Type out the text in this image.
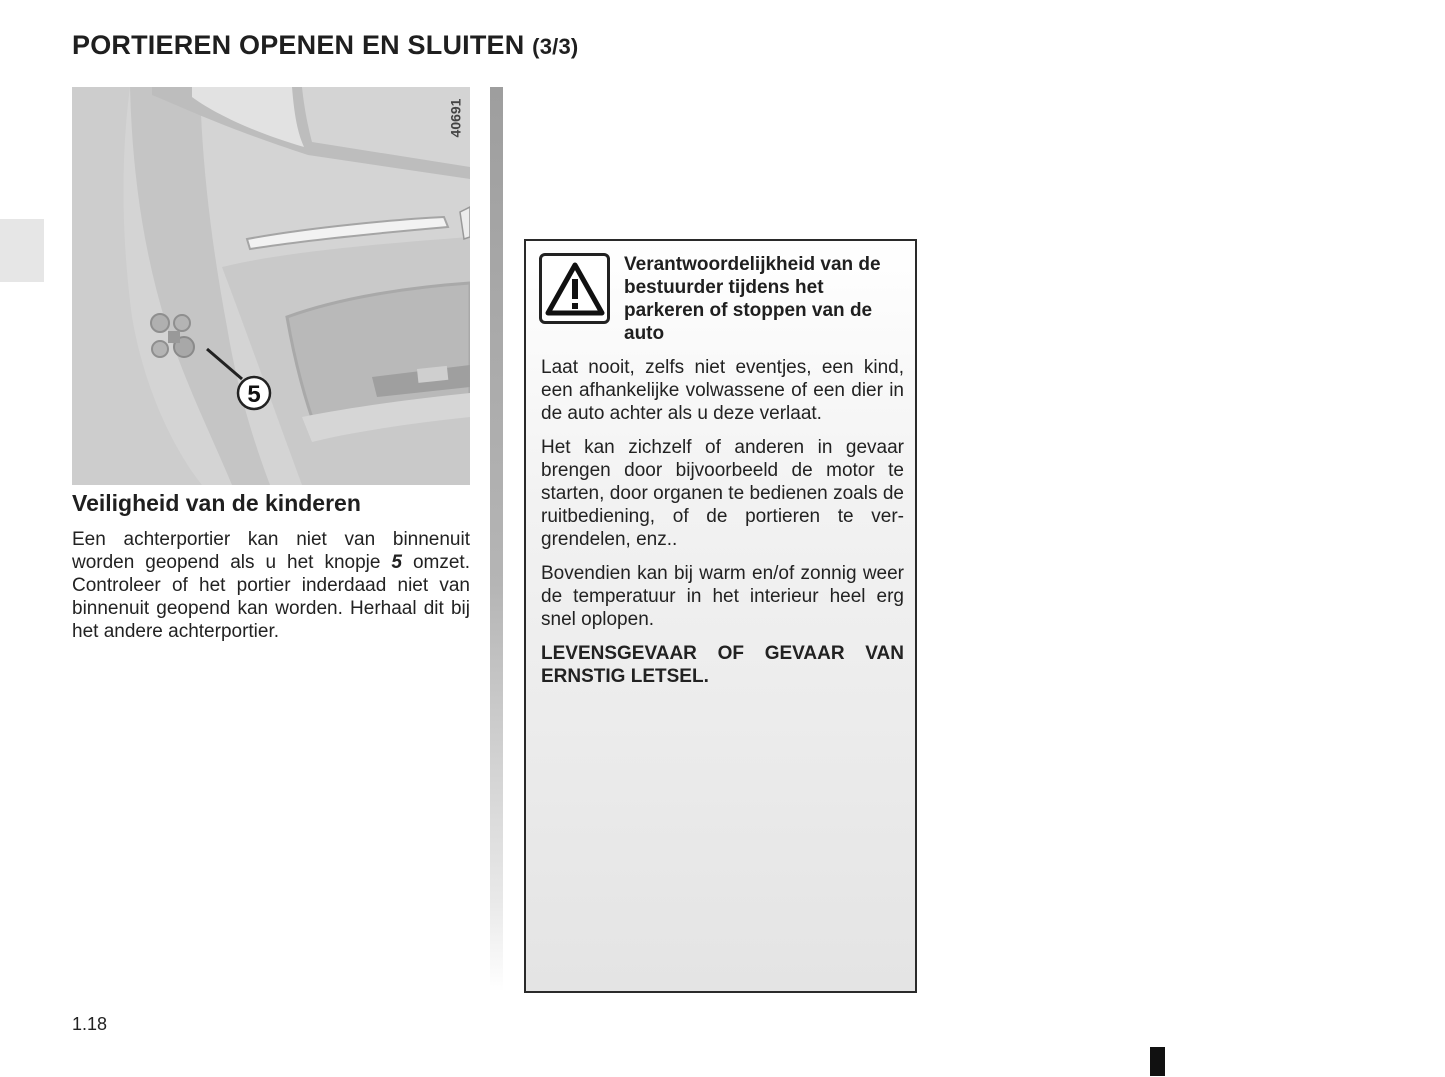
PORTIEREN OPENEN EN SLUITEN (3/3)
5
40691
Veiligheid van de kinderen

Een achterportier kan niet van binnenuit worden geopend als u het knopje 5 omzet. Controleer of het portier inderdaad niet van binnenuit geopend kan worden. Herhaal dit bij het andere achterportier.

Verantwoordelijkheid van de bestuurder tijdens het parkeren of stoppen van de auto

Laat nooit, zelfs niet eventjes, een kind, een afhankelijke volwassene of een dier in de auto achter als u deze verlaat.

Het kan zichzelf of anderen in gevaar brengen door bijvoorbeeld de motor te starten, door organen te bedienen zoals de ruitbediening, of de portieren te ver-grendelen, enz..

Bovendien kan bij warm en/of zonnig weer de temperatuur in het interieur heel erg snel oplopen.

LEVENSGEVAAR OF GEVAAR VAN ERNSTIG LETSEL.

1.18
